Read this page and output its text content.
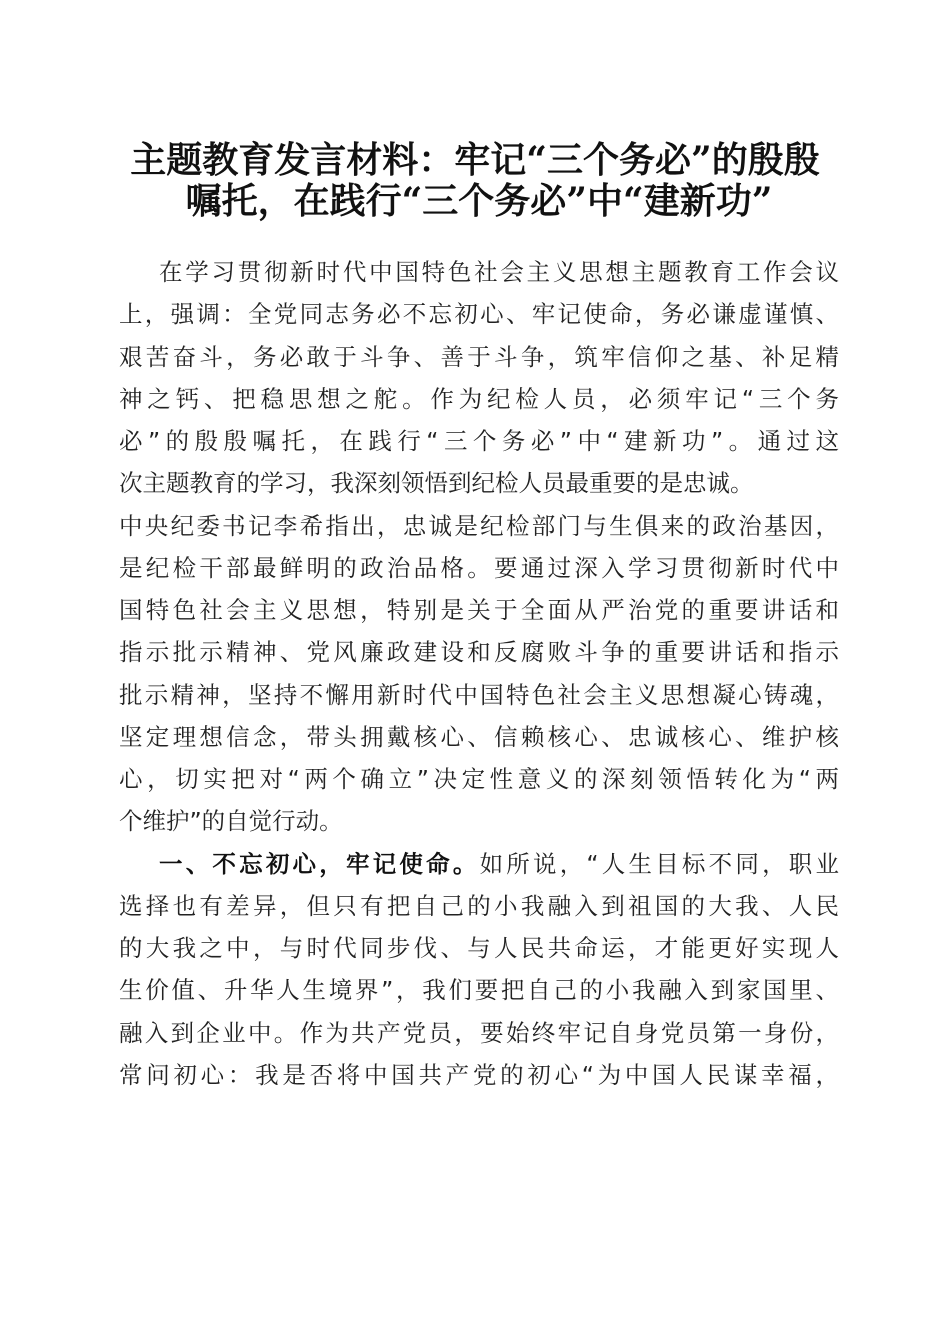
主题教育发言材料：牢记“三个务必”的殷殷
嘱托，在践行“三个务必”中“建新功”
在学习贯彻新时代中国特色社会主义思想主题教育工作会议
上，强调：全党同志务必不忘初心、牢记使命，务必谦虚谨慎、
艰苦奋斗，务必敢于斗争、善于斗争，筑牢信仰之基、补足精
神之钙、把稳思想之舵。作为纪检人员，必须牢记“三个务
必”的殷殷嘱托，在践行“三个务必”中“建新功”。通过这
次主题教育的学习，我深刻领悟到纪检人员最重要的是忠诚。
中央纪委书记李希指出，忠诚是纪检部门与生俱来的政治基因，
是纪检干部最鲜明的政治品格。要通过深入学习贯彻新时代中
国特色社会主义思想，特别是关于全面从严治党的重要讲话和
指示批示精神、党风廉政建设和反腐败斗争的重要讲话和指示
批示精神，坚持不懈用新时代中国特色社会主义思想凝心铸魂，
坚定理想信念，带头拥戴核心、信赖核心、忠诚核心、维护核
心，切实把对“两个确立”决定性意义的深刻领悟转化为“两
个维护”的自觉行动。
一、不忘初心，牢记使命。如所说，“人生目标不同，职业
选择也有差异，但只有把自己的小我融入到祖国的大我、人民
的大我之中，与时代同步伐、与人民共命运，才能更好实现人
生价值、升华人生境界”，我们要把自己的小我融入到家国里、
融入到企业中。作为共产党员，要始终牢记自身党员第一身份，
常问初心：我是否将中国共产党的初心“为中国人民谋幸福，
